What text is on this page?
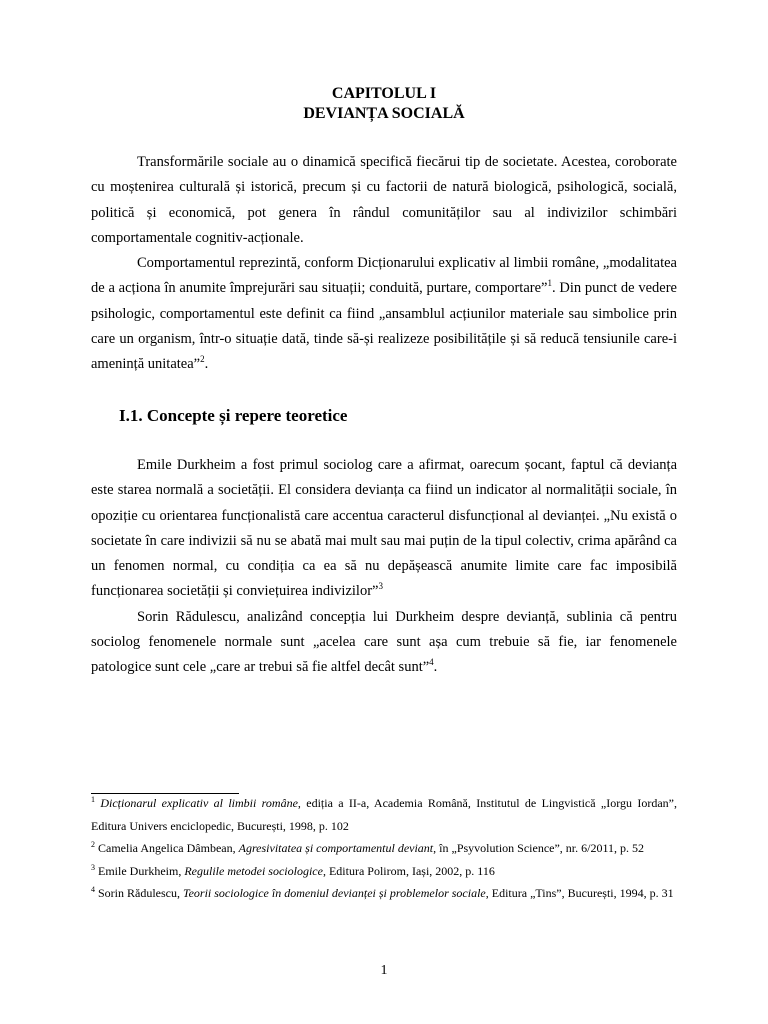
CAPITOLUL I
DEVIANȚA SOCIALĂ

Transformările sociale au o dinamică specifică fiecărui tip de societate. Acestea, coroborate cu moștenirea culturală și istorică, precum și cu factorii de natură biologică, psihologică, socială, politică și economică, pot genera în rândul comunităților sau al indivizilor schimbări comportamentale cognitiv-acționale.

Comportamentul reprezintă, conform Dicționarului explicativ al limbii române, „modalitatea de a acționa în anumite împrejurări sau situații; conduită, purtare, comportare”$^1$. Din punct de vedere psihologic, comportamentul este definit ca fiind „ansamblul acțiunilor materiale sau simbolice prin care un organism, într-o situație dată, tinde să-și realizeze posibilitățile și să reducă tensiunile care-i amenință unitatea”$^2$.

I.1. Concepte și repere teoretice

Emile Durkheim a fost primul sociolog care a afirmat, oarecum șocant, faptul că devianța este starea normală a societății. El considera devianța ca fiind un indicator al normalității sociale, în opoziție cu orientarea funcționalistă care accentua caracterul disfuncțional al devianței. „Nu există o societate în care indivizii să nu se abată mai mult sau mai puțin de la tipul colectiv, crima apărând ca un fenomen normal, cu condiția ca ea să nu depășească anumite limite care fac imposibilă funcționarea societății și conviețuirea indivizilor”$^3$

Sorin Rădulescu, analizând concepția lui Durkheim despre devianță, sublinia că pentru sociolog fenomenele normale sunt „acelea care sunt așa cum trebuie să fie, iar fenomenele patologice sunt cele „care ar trebui să fie altfel decât sunt”$^4$.

$^1$ Dicționarul explicativ al limbii române, ediția a II-a, Academia Română, Institutul de Lingvistică „Iorgu Iordan”, Editura Univers enciclopedic, București, 1998, p. 102
$^2$ Camelia Angelica Dâmbean, Agresivitatea și comportamentul deviant, în „Psyvolution Science”, nr. 6/2011, p. 52
$^3$ Emile Durkheim, Regulile metodei sociologice, Editura Polirom, Iași, 2002, p. 116
$^4$ Sorin Rădulescu, Teorii sociologice în domeniul devianței și problemelor sociale, Editura „Tins”, București, 1994, p. 31
1
